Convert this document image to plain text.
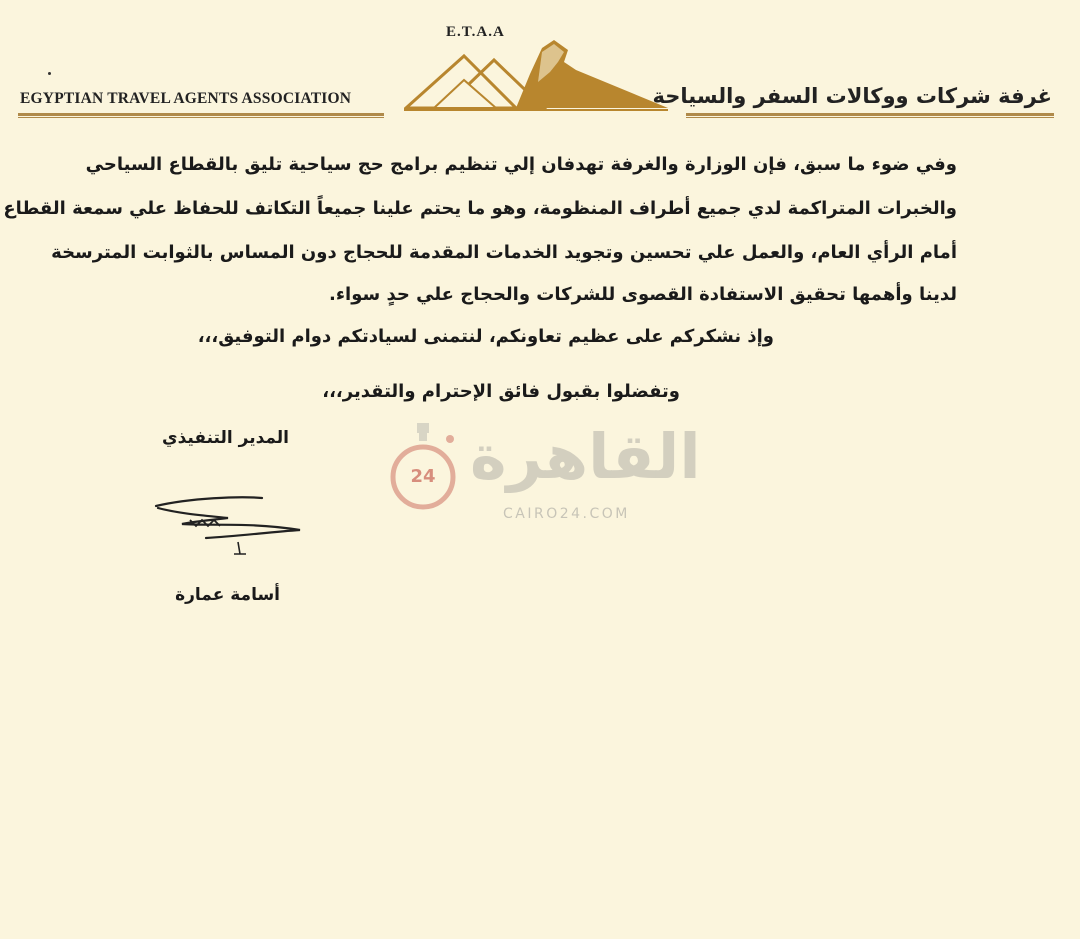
EGYPTIAN TRAVEL AGENTS ASSOCIATION
E.T.A.A
غرفة شركات ووكالات السفر والسياحة
وفي ضوء ما سبق، فإن الوزارة والغرفة تهدفان إلي تنظيم برامج حج سياحية تليق بالقطاع السياحي
والخبرات المتراكمة لدي جميع أطراف المنظومة، وهو ما يحتم علينا جميعاً التكاتف للحفاظ علي سمعة القطاع
أمام الرأي العام، والعمل علي تحسين وتجويد الخدمات المقدمة للحجاج دون المساس بالثوابت المترسخة
لدينا وأهمها تحقيق الاستفادة القصوى للشركات والحجاج علي حدٍ سواء.
وإذ نشكركم على عظيم تعاونكم، لنتمنى لسيادتكم دوام التوفيق،،،
وتفضلوا بقبول فائق الإحترام والتقدير،،،
24 القاهرة
CAIRO24.COM
المدير التنفيذي
أسامة عمارة
